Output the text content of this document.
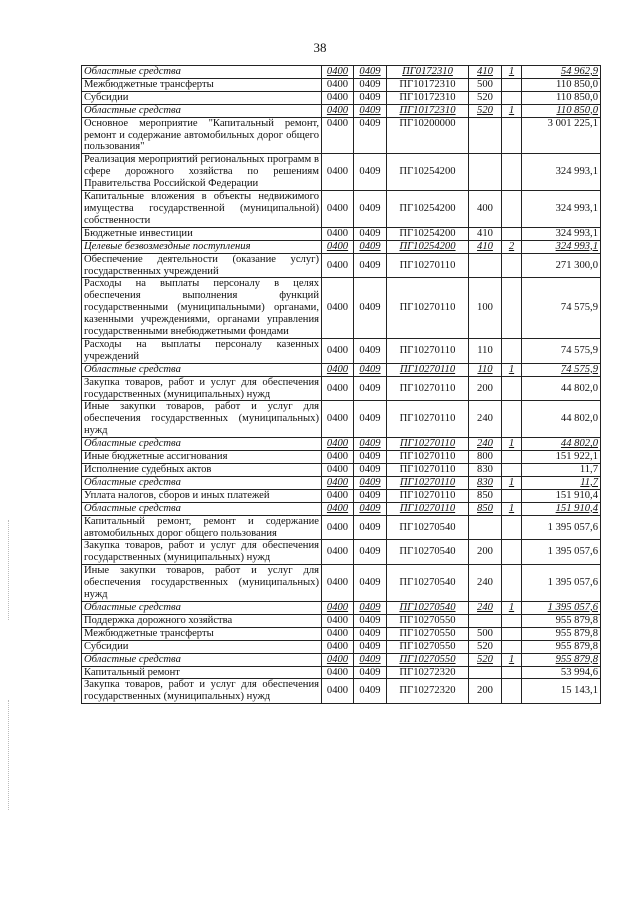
38
Областные средства	0400	0409	ПГ0172310	410	1	54 962,9
Межбюджетные трансферты	0400	0409	ПГ10172310	500		110 850,0
Субсидии	0400	0409	ПГ10172310	520		110 850,0
Областные средства	0400	0409	ПГ10172310	520	1	110 850,0
Основное мероприятие "Капитальный ремонт, ремонт и содержание автомобильных дорог общего пользования"	0400	0409	ПГ10200000			3 001 225,1
Реализация мероприятий региональных программ в сфере дорожного хозяйства по решениям Правительства Российской Федерации	0400	0409	ПГ10254200			324 993,1
Капитальные вложения в объекты недвижимого имущества государственной (муниципальной) собственности	0400	0409	ПГ10254200	400		324 993,1
Бюджетные инвестиции	0400	0409	ПГ10254200	410		324 993,1
Целевые безвозмездные поступления	0400	0409	ПГ10254200	410	2	324 993,1
Обеспечение деятельности (оказание услуг) государственных учреждений	0400	0409	ПГ10270110			271 300,0
Расходы на выплаты персоналу в целях обеспечения выполнения функций государственными (муниципальными) органами, казенными учреждениями, органами управления государственными внебюджетными фондами	0400	0409	ПГ10270110	100		74 575,9
Расходы на выплаты персоналу казенных учреждений	0400	0409	ПГ10270110	110		74 575,9
Областные средства	0400	0409	ПГ10270110	110	1	74 575,9
Закупка товаров, работ и услуг для обеспечения государственных (муниципальных) нужд	0400	0409	ПГ10270110	200		44 802,0
Иные закупки товаров, работ и услуг для обеспечения государственных (муниципальных) нужд	0400	0409	ПГ10270110	240		44 802,0
Областные средства	0400	0409	ПГ10270110	240	1	44 802,0
Иные бюджетные ассигнования	0400	0409	ПГ10270110	800		151 922,1
Исполнение судебных актов	0400	0409	ПГ10270110	830		11,7
Областные средства	0400	0409	ПГ10270110	830	1	11,7
Уплата налогов, сборов и иных платежей	0400	0409	ПГ10270110	850		151 910,4
Областные средства	0400	0409	ПГ10270110	850	1	151 910,4
Капитальный ремонт, ремонт и содержание автомобильных дорог общего пользования	0400	0409	ПГ10270540			1 395 057,6
Закупка товаров, работ и услуг для обеспечения государственных (муниципальных) нужд	0400	0409	ПГ10270540	200		1 395 057,6
Иные закупки товаров, работ и услуг для обеспечения государственных (муниципальных) нужд	0400	0409	ПГ10270540	240		1 395 057,6
Областные средства	0400	0409	ПГ10270540	240	1	1 395 057,6
Поддержка дорожного хозяйства	0400	0409	ПГ10270550			955 879,8
Межбюджетные трансферты	0400	0409	ПГ10270550	500		955 879,8
Субсидии	0400	0409	ПГ10270550	520		955 879,8
Областные средства	0400	0409	ПГ10270550	520	1	955 879,8
Капитальный ремонт	0400	0409	ПГ10272320			53 994,6
Закупка товаров, работ и услуг для обеспечения государственных (муниципальных) нужд	0400	0409	ПГ10272320	200		15 143,1
